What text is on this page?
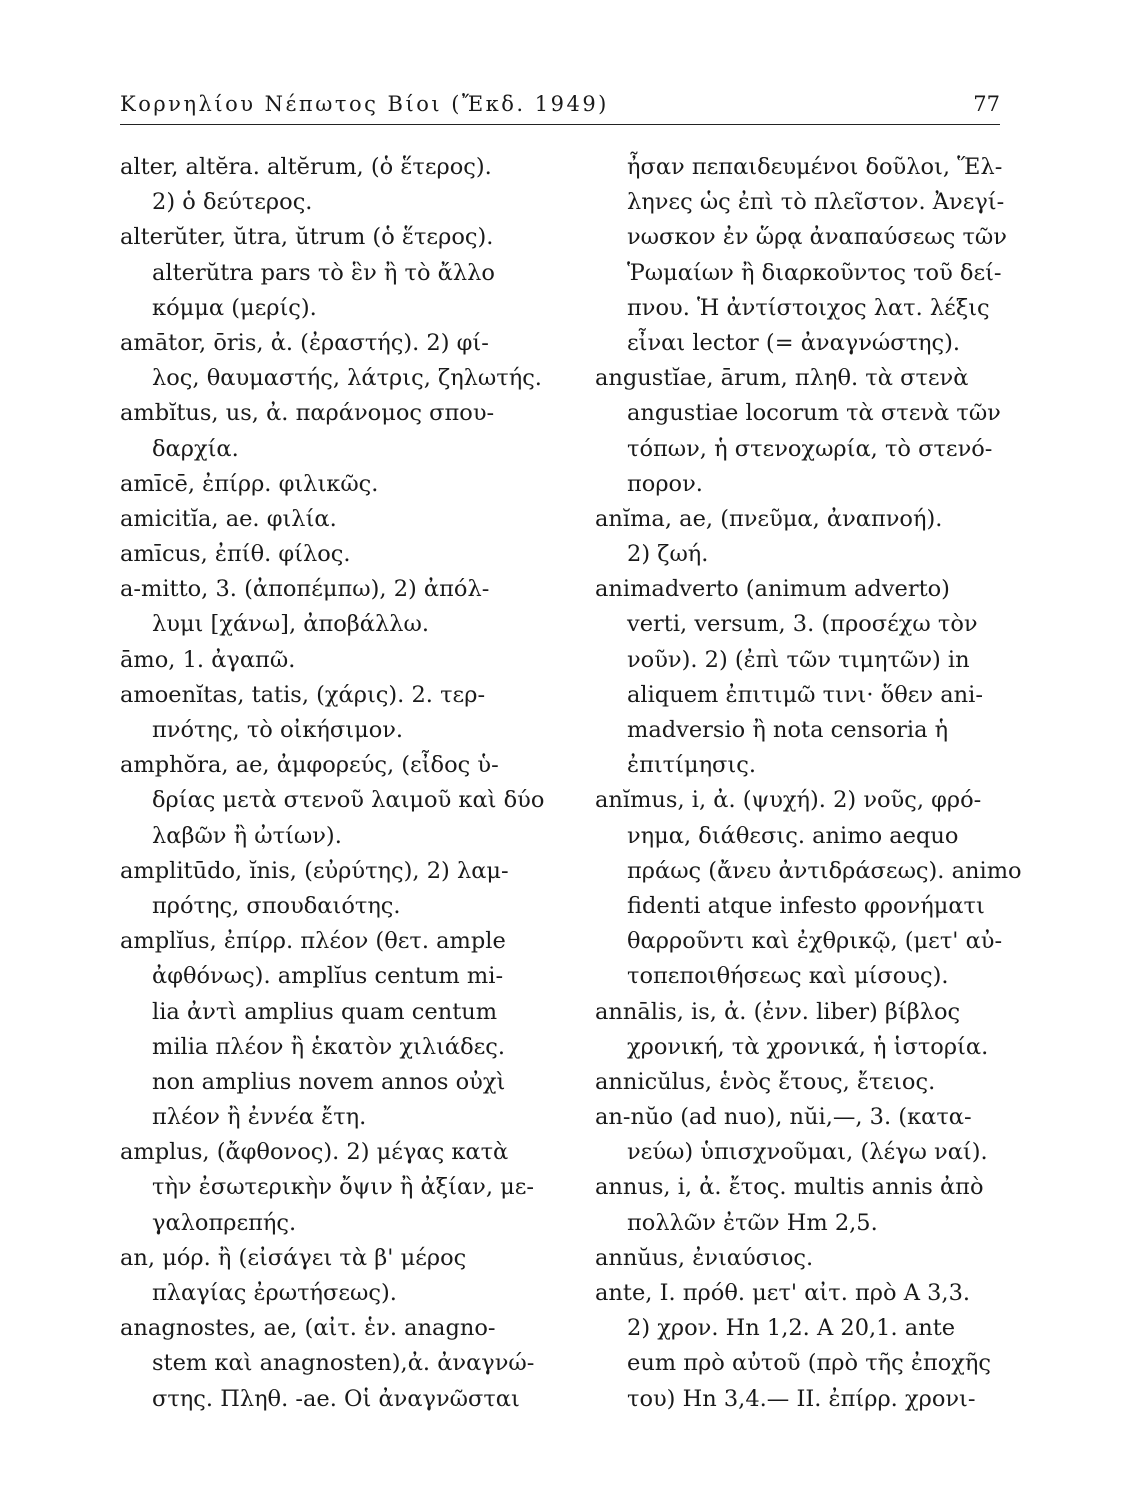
Κορνηλίου Νέπωτος Βίοι (Ἔκδ. 1949)	77
alter, altĕra. altĕrum, (ὁ ἕτερος).
2) ὁ δεύτερος.
alterŭter, ŭtra, ŭtrum (ὁ ἕτερος).
alterŭtra pars τὸ ἓν ἢ τὸ ἄλλο
κόμμα (μερίς).
amātor, ōris, ἀ. (ἐραστής). 2) φί-
λος, θαυμαστής, λάτρις, ζηλωτής.
ambĭtus, us, ἀ. παράνομος σπου-
δαρχία.
amīcē, ἐπίρρ. φιλικῶς.
amicitĭa, ae. φιλία.
amīcus, ἐπίθ. φίλος.
a-mitto, 3. (ἀποπέμπω), 2) ἀπόλ-
λυμι [χάνω], ἀποβάλλω.
āmo, 1. ἀγαπῶ.
amoenĭtas, tatis, (χάρις). 2. τερ-
πνότης, τὸ οἰκήσιμον.
amphŏra, ae, ἀμφορεύς, (εἶδος ὑ-
δρίας μετὰ στενοῦ λαιμοῦ καὶ δύο
λαβῶν ἢ ὠτίων).
amplitūdo, ĭnis, (εὐρύτης), 2) λαμ-
πρότης, σπουδαιότης.
amplĭus, ἐπίρρ. πλέον (θετ. ample
ἀφθόνως). amplĭus centum mi-
lia ἀντὶ amplius quam centum
milia πλέον ἢ ἑκατὸν χιλιάδες.
non amplius novem annos οὐχὶ
πλέον ἢ ἐννέα ἔτη.
amplus, (ἄφθονος). 2) μέγας κατὰ
τὴν ἐσωτερικὴν ὄψιν ἢ ἀξίαν, με-
γαλοπρεπής.
an, μόρ. ἢ (εἰσάγει τὰ β' μέρος
πλαγίας ἐρωτήσεως).
anagnostes, ae, (αἰτ. ἑν. anagno-
stem καὶ anagnosten),ἀ. ἀναγνώ-
στης. Πληθ. -ae. Οἱ ἀναγνῶσται
ἦσαν πεπαιδευμένοι δοῦλοι, Ἕλ-
ληνες ὡς ἐπὶ τὸ πλεῖστον. Ἀνεγί-
νωσκον ἐν ὥρᾳ ἀναπαύσεως τῶν
Ῥωμαίων ἢ διαρκοῦντος τοῦ δεί-
πνου. Ἡ ἀντίστοιχος λατ. λέξις
εἶναι lector (= ἀναγνώστης).
angustĭae, ārum, πληθ. τὰ στενὰ
angustiae locorum τὰ στενὰ τῶν
τόπων, ἡ στενοχωρία, τὸ στενό-
πορον.
anĭma, ae, (πνεῦμα, ἀναπνοή).
2) ζωή.
animadverto (animum adverto)
verti, versum, 3. (προσέχω τὸν
νοῦν). 2) (ἐπὶ τῶν τιμητῶν) in
aliquem ἐπιτιμῶ τινι· ὅθεν ani-
madversio ἢ nota censoria ἡ
ἐπιτίμησις.
anĭmus, i, ἀ. (ψυχή). 2) νοῦς, φρό-
νημα, διάθεσις. animo aequo
πράως (ἄνευ ἀντιδράσεως). animo
fidenti atque infesto φρονήματι
θαρροῦντι καὶ ἐχθρικῷ, (μετ' αὐ-
τοπεποιθήσεως καὶ μίσους).
annālis, is, ἀ. (ἐνν. liber) βίβλος
χρονική, τὰ χρονικά, ἡ ἱστορία.
annicŭlus, ἑνὸς ἔτους, ἔτειος.
an-nŭo (ad nuo), nŭi,—, 3. (κατα-
νεύω) ὑπισχνοῦμαι, (λέγω ναί).
annus, i, ἀ. ἔτος. multis annis ἀπὸ
πολλῶν ἐτῶν Hm 2,5.
annŭus, ἐνιαύσιος.
ante, I. πρόθ. μετ' αἰτ. πρὸ A 3,3.
2) χρον. Hn 1,2. A 20,1. ante
eum πρὸ αὐτοῦ (πρὸ τῆς ἐποχῆς
του) Hn 3,4.— II. ἐπίρρ. χρονι-
